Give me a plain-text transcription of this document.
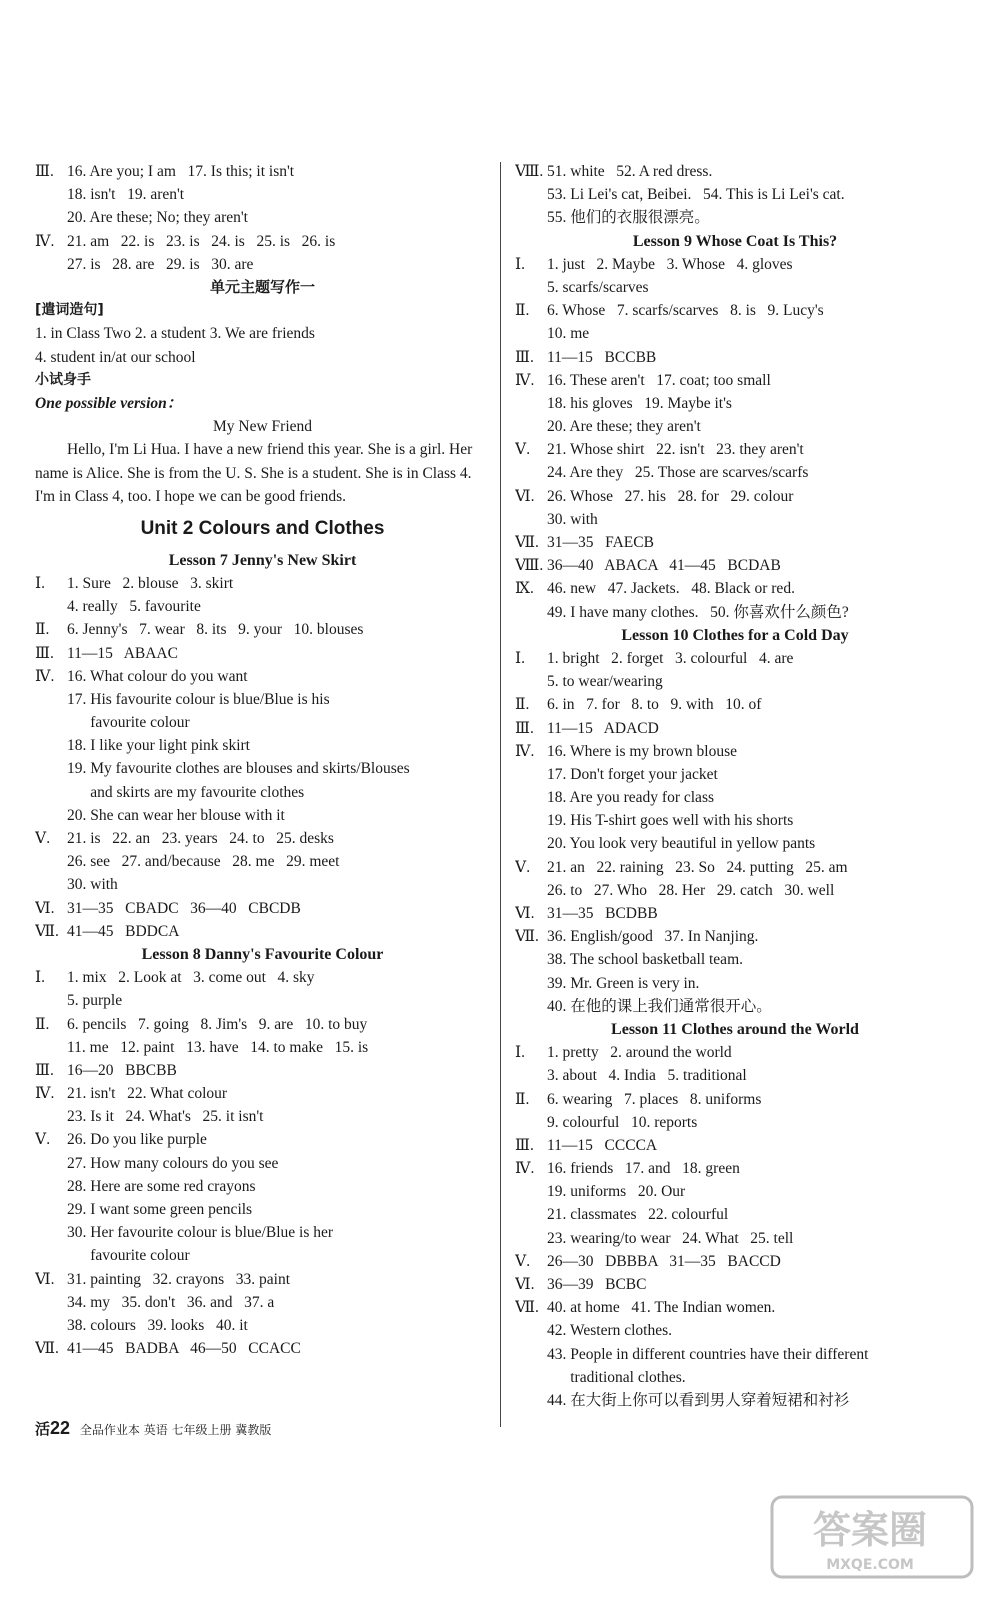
Ⅲ. 16. Are you; I am   17. Is this; it isn't
18. isn't   19. aren't
20. Are these; No; they aren't
Ⅳ. 21. am   22. is   23. is   24. is   25. is   26. is
27. is   28. are   29. is   30. are
单元主题写作一
[遣词造句]
1. in Class Two 2. a student 3. We are friends
4. student in/at our school
小试身手
One possible version：
My New Friend
Hello, I'm Li Hua. I have a new friend this year. She is a girl. Her name is Alice. She is from the U. S. She is a student. She is in Class 4. I'm in Class 4, too. I hope we can be good friends.
Unit 2 Colours and Clothes
Lesson 7 Jenny's New Skirt
Ⅰ. 1. Sure   2. blouse   3. skirt
4. really   5. favourite
Ⅱ. 6. Jenny's   7. wear   8. its   9. your   10. blouses
Ⅲ. 11—15   ABAAC
Ⅳ. 16. What colour do you want
17. His favourite colour is blue/Blue is his
favourite colour
18. I like your light pink skirt
19. My favourite clothes are blouses and skirts/Blouses
and skirts are my favourite clothes
20. She can wear her blouse with it
Ⅴ. 21. is   22. an   23. years   24. to   25. desks
26. see   27. and/because   28. me   29. meet
30. with
Ⅵ. 31—35   CBADC   36—40   CBCDB
Ⅶ. 41—45   BDDCA
Lesson 8 Danny's Favourite Colour
Ⅰ. 1. mix   2. Look at   3. come out   4. sky
5. purple
Ⅱ. 6. pencils   7. going   8. Jim's   9. are   10. to buy
11. me   12. paint   13. have   14. to make   15. is
Ⅲ. 16—20   BBCBB
Ⅳ. 21. isn't   22. What colour
23. Is it   24. What's   25. it isn't
Ⅴ. 26. Do you like purple
27. How many colours do you see
28. Here are some red crayons
29. I want some green pencils
30. Her favourite colour is blue/Blue is her
favourite colour
Ⅵ. 31. painting   32. crayons   33. paint
34. my   35. don't   36. and   37. a
38. colours   39. looks   40. it
Ⅶ. 41—45   BADBA   46—50   CCACC
Ⅷ. 51. white   52. A red dress.
53. Li Lei's cat, Beibei.   54. This is Li Lei's cat.
55. 他们的衣服很漂亮。
Lesson 9 Whose Coat Is This?
Ⅰ. 1. just   2. Maybe   3. Whose   4. gloves
5. scarfs/scarves
Ⅱ. 6. Whose   7. scarfs/scarves   8. is   9. Lucy's
10. me
Ⅲ. 11—15   BCCBB
Ⅳ. 16. These aren't   17. coat; too small
18. his gloves   19. Maybe it's
20. Are these; they aren't
Ⅴ. 21. Whose shirt   22. isn't   23. they aren't
24. Are they   25. Those are scarves/scarfs
Ⅵ. 26. Whose   27. his   28. for   29. colour
30. with
Ⅶ. 31—35   FAECB
Ⅷ. 36—40   ABACA   41—45   BCDAB
Ⅸ. 46. new   47. Jackets.   48. Black or red.
49. I have many clothes.   50. 你喜欢什么颜色?
Lesson 10 Clothes for a Cold Day
Ⅰ. 1. bright   2. forget   3. colourful   4. are
5. to wear/wearing
Ⅱ. 6. in   7. for   8. to   9. with   10. of
Ⅲ. 11—15   ADACD
Ⅳ. 16. Where is my brown blouse
17. Don't forget your jacket
18. Are you ready for class
19. His T-shirt goes well with his shorts
20. You look very beautiful in yellow pants
Ⅴ. 21. an   22. raining   23. So   24. putting   25. am
26. to   27. Who   28. Her   29. catch   30. well
Ⅵ. 31—35   BCDBB
Ⅶ. 36. English/good   37. In Nanjing.
38. The school basketball team.
39. Mr. Green is very in.
40. 在他的课上我们通常很开心。
Lesson 11 Clothes around the World
Ⅰ. 1. pretty   2. around the world
3. about   4. India   5. traditional
Ⅱ. 6. wearing   7. places   8. uniforms
9. colourful   10. reports
Ⅲ. 11—15   CCCCA
Ⅳ. 16. friends   17. and   18. green
19. uniforms   20. Our
21. classmates   22. colourful
23. wearing/to wear   24. What   25. tell
Ⅴ. 26—30   DBBBA   31—35   BACCD
Ⅵ. 36—39   BCBC
Ⅶ. 40. at home   41. The Indian women.
42. Western clothes.
43. People in different countries have their different
traditional clothes.
44. 在大街上你可以看到男人穿着短裙和衬衫
活22 全品作业本 英语 七年级上册 冀教版
答案圈
MXQE.COM
